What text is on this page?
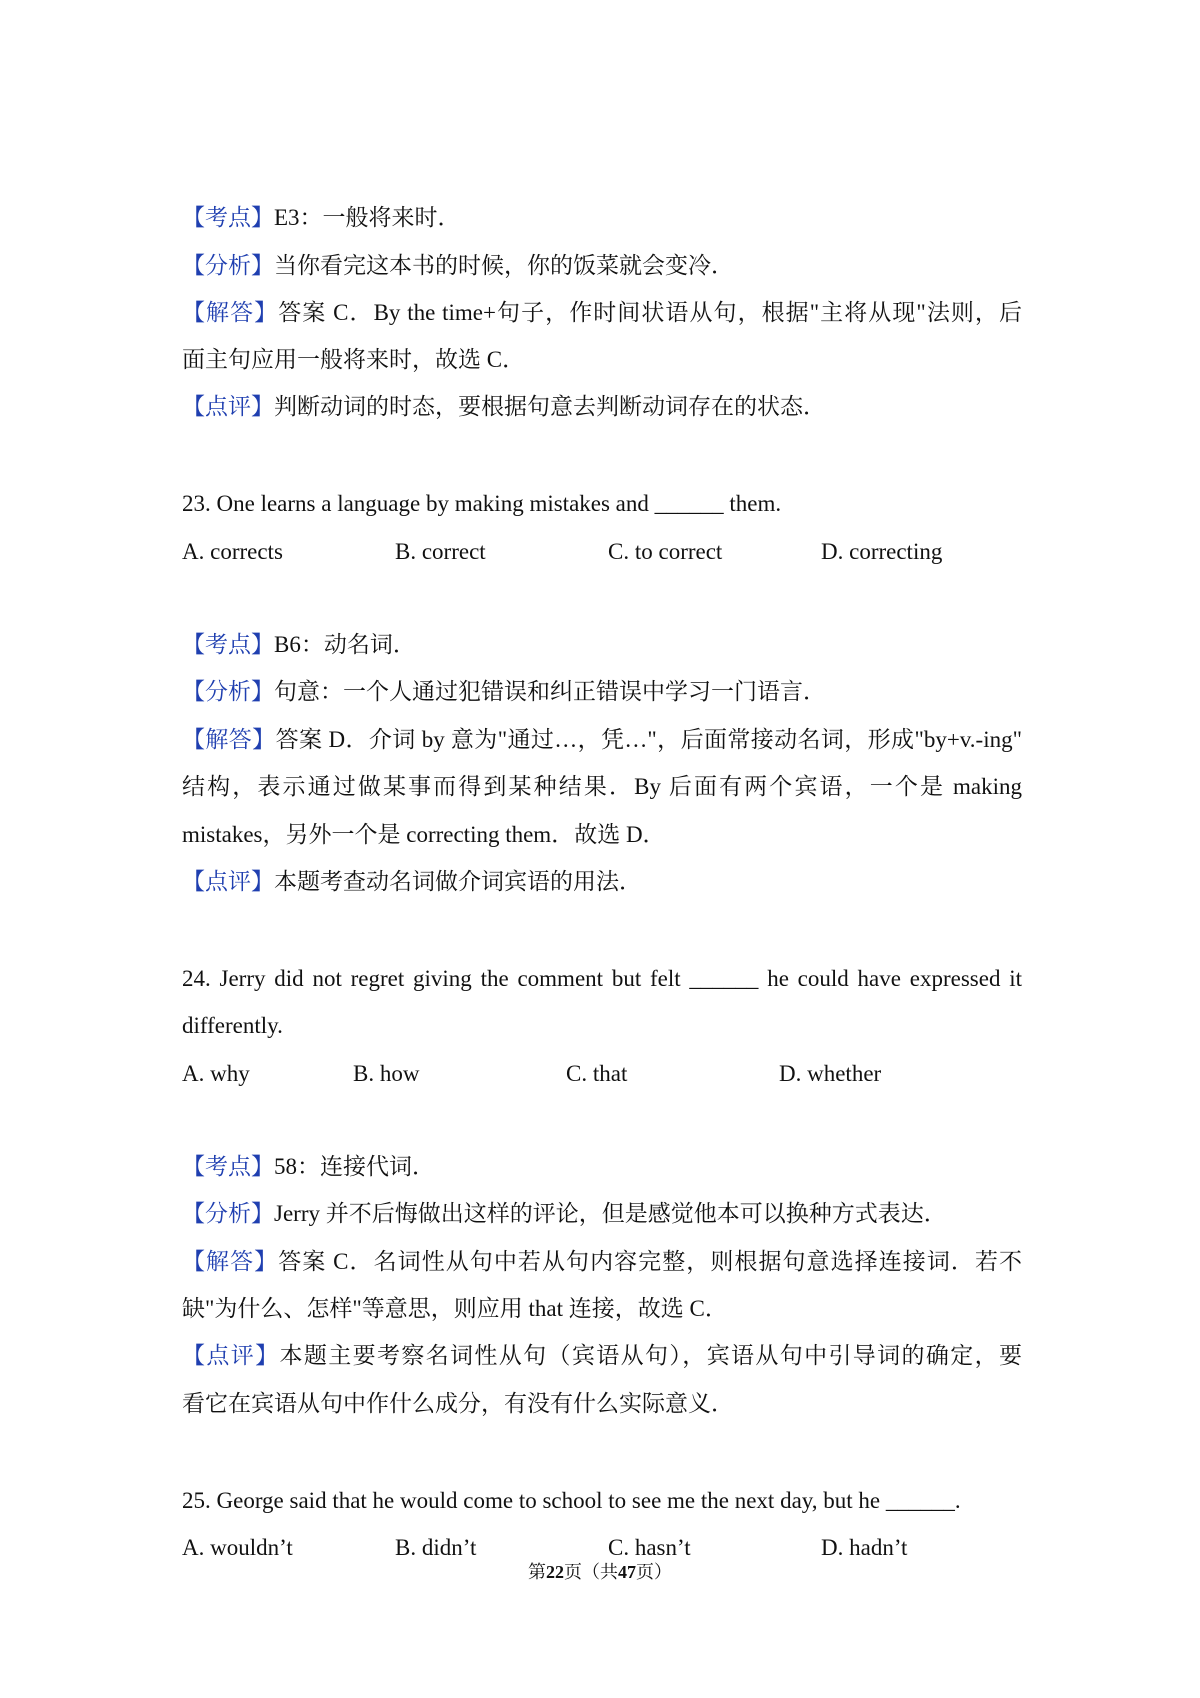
【考点】E3：一般将来时．
【分析】当你看完这本书的时候，你的饭菜就会变冷．
【解答】答案 C．By the time+句子，作时间状语从句，根据"主将从现"法则，后
面主句应用一般将来时，故选 C．
【点评】判断动词的时态，要根据句意去判断动词存在的状态．
23. One learns a language by making mistakes and ______ them.
A. corrects	B. correct	C. to correct	D. correcting
【考点】B6：动名词．
【分析】句意：一个人通过犯错误和纠正错误中学习一门语言．
【解答】答案 D．介词 by 意为"通过…，凭…"，后面常接动名词，形成"by+v.-ing"
结构，表示通过做某事而得到某种结果．By 后面有两个宾语，一个是 making
mistakes，另外一个是 correcting them．故选 D．
【点评】本题考查动名词做介词宾语的用法．
24. Jerry did not regret giving the comment but felt ______ he could have expressed it
differently.
A. why	B. how	C. that	D. whether
【考点】58：连接代词．
【分析】Jerry 并不后悔做出这样的评论，但是感觉他本可以换种方式表达．
【解答】答案 C．名词性从句中若从句内容完整，则根据句意选择连接词．若不
缺"为什么、怎样"等意思，则应用 that 连接，故选 C．
【点评】本题主要考察名词性从句（宾语从句），宾语从句中引导词的确定，要
看它在宾语从句中作什么成分，有没有什么实际意义．
25. George said that he would come to school to see me the next day, but he ______.
A. wouldn’t	B. didn’t	C. hasn’t	D. hadn’t
第22页（共47页）
